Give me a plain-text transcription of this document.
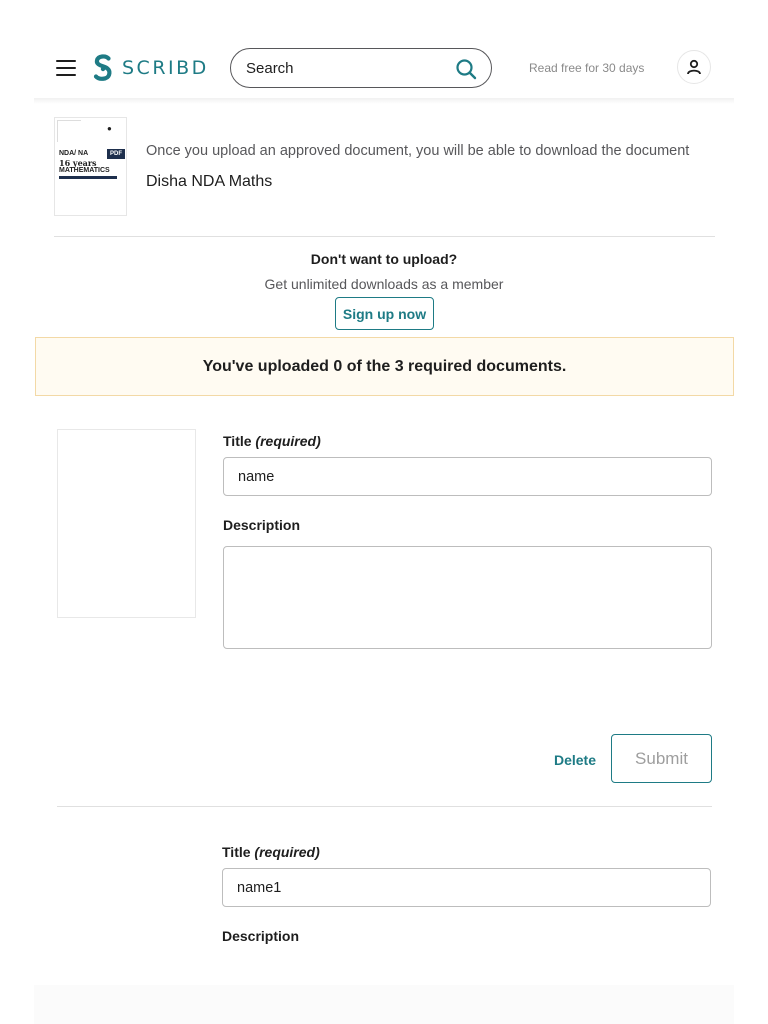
SCRIBD
Search	Read free for 30 days
●
NDA/ NA	PDF
16 years
MATHEMATICS

Once you upload an approved document, you will be able to download the document

Disha NDA Maths

Don't want to upload?

Get unlimited downloads as a member

Sign up now
You've uploaded 0 of the 3 required documents.
Title (required)
name
Description
Delete	Submit
Title (required)
name1
Description
